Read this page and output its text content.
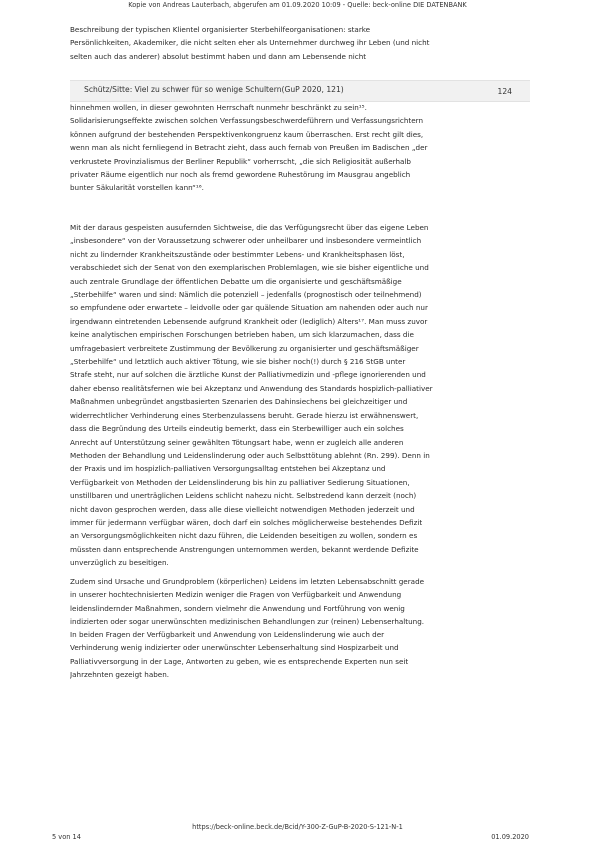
Kopie von Andreas Lauterbach, abgerufen am 01.09.2020 10:09 - Quelle: beck-online DIE DATENBANK
Beschreibung der typischen Klientel organisierter Sterbehilfeorganisationen: starke
Persönlichkeiten, Akademiker, die nicht selten eher als Unternehmer durchweg ihr Leben (und nicht
selten auch das anderer) absolut bestimmt haben und dann am Lebensende nicht
Schütz/Sitte: Viel zu schwer für so wenige Schultern(GuP 2020, 121)	124
hinnehmen wollen, in dieser gewohnten Herrschaft nunmehr beschränkt zu sein¹⁵.
Solidarisierungseffekte zwischen solchen Verfassungsbeschwerdeführern und Verfassungsrichtern
können aufgrund der bestehenden Perspektivenkongruenz kaum überraschen. Erst recht gilt dies,
wenn man als nicht fernliegend in Betracht zieht, dass auch fernab von Preußen im Badischen „der
verkrustete Provinzialismus der Berliner Republik“ vorherrscht, „die sich Religiosität außerhalb
privater Räume eigentlich nur noch als fremd gewordene Ruhestörung im Mausgrau angeblich
bunter Säkularität vorstellen kann“¹⁶.
Mit der daraus gespeisten ausufernden Sichtweise, die das Verfügungsrecht über das eigene Leben
„insbesondere“ von der Voraussetzung schwerer oder unheilbarer und insbesondere vermeintlich
nicht zu lindernder Krankheitszustände oder bestimmter Lebens- und Krankheitsphasen löst,
verabschiedet sich der Senat von den exemplarischen Problemlagen, wie sie bisher eigentliche und
auch zentrale Grundlage der öffentlichen Debatte um die organisierte und geschäftsmäßige
„Sterbehilfe“ waren und sind: Nämlich die potenziell – jedenfalls (prognostisch oder teilnehmend)
so empfundene oder erwartete – leidvolle oder gar quälende Situation am nahenden oder auch nur
irgendwann eintretenden Lebensende aufgrund Krankheit oder (lediglich) Alters¹⁷. Man muss zuvor
keine analytischen empirischen Forschungen betrieben haben, um sich klarzumachen, dass die
umfragebasiert verbreitete Zustimmung der Bevölkerung zu organisierter und geschäftsmäßiger
„Sterbehilfe“ und letztlich auch aktiver Tötung, wie sie bisher noch(!) durch § 216 StGB unter
Strafe steht, nur auf solchen die ärztliche Kunst der Palliativmedizin und -pflege ignorierenden und
daher ebenso realitätsfernen wie bei Akzeptanz und Anwendung des Standards hospizlich-palliativer
Maßnahmen unbegründet angstbasierten Szenarien des Dahinsiechens bei gleichzeitiger und
widerrechtlicher Verhinderung eines Sterbenzulassens beruht. Gerade hierzu ist erwähnenswert,
dass die Begründung des Urteils eindeutig bemerkt, dass ein Sterbewilliger auch ein solches
Anrecht auf Unterstützung seiner gewählten Tötungsart habe, wenn er zugleich alle anderen
Methoden der Behandlung und Leidenslinderung oder auch Selbsttötung ablehnt (Rn. 299). Denn in
der Praxis und im hospizlich-palliativen Versorgungsalltag entstehen bei Akzeptanz und
Verfügbarkeit von Methoden der Leidenslinderung bis hin zu palliativer Sedierung Situationen,
unstillbaren und unerträglichen Leidens schlicht nahezu nicht. Selbstredend kann derzeit (noch)
nicht davon gesprochen werden, dass alle diese vielleicht notwendigen Methoden jederzeit und
immer für jedermann verfügbar wären, doch darf ein solches möglicherweise bestehendes Defizit
an Versorgungsmöglichkeiten nicht dazu führen, die Leidenden beseitigen zu wollen, sondern es
müssten dann entsprechende Anstrengungen unternommen werden, bekannt werdende Defizite
unverzüglich zu beseitigen.
Zudem sind Ursache und Grundproblem (körperlichen) Leidens im letzten Lebensabschnitt gerade
in unserer hochtechnisierten Medizin weniger die Fragen von Verfügbarkeit und Anwendung
leidenslindernder Maßnahmen, sondern vielmehr die Anwendung und Fortführung von wenig
indizierten oder sogar unerwünschten medizinischen Behandlungen zur (reinen) Lebenserhaltung.
In beiden Fragen der Verfügbarkeit und Anwendung von Leidenslinderung wie auch der
Verhinderung wenig indizierter oder unerwünschter Lebenserhaltung sind Hospizarbeit und
Palliativversorgung in der Lage, Antworten zu geben, wie es entsprechende Experten nun seit
Jahrzehnten gezeigt haben.
https://beck-online.beck.de/Bcid/Y-300-Z-GuP-B-2020-S-121-N-1
5 von 14	01.09.2020
